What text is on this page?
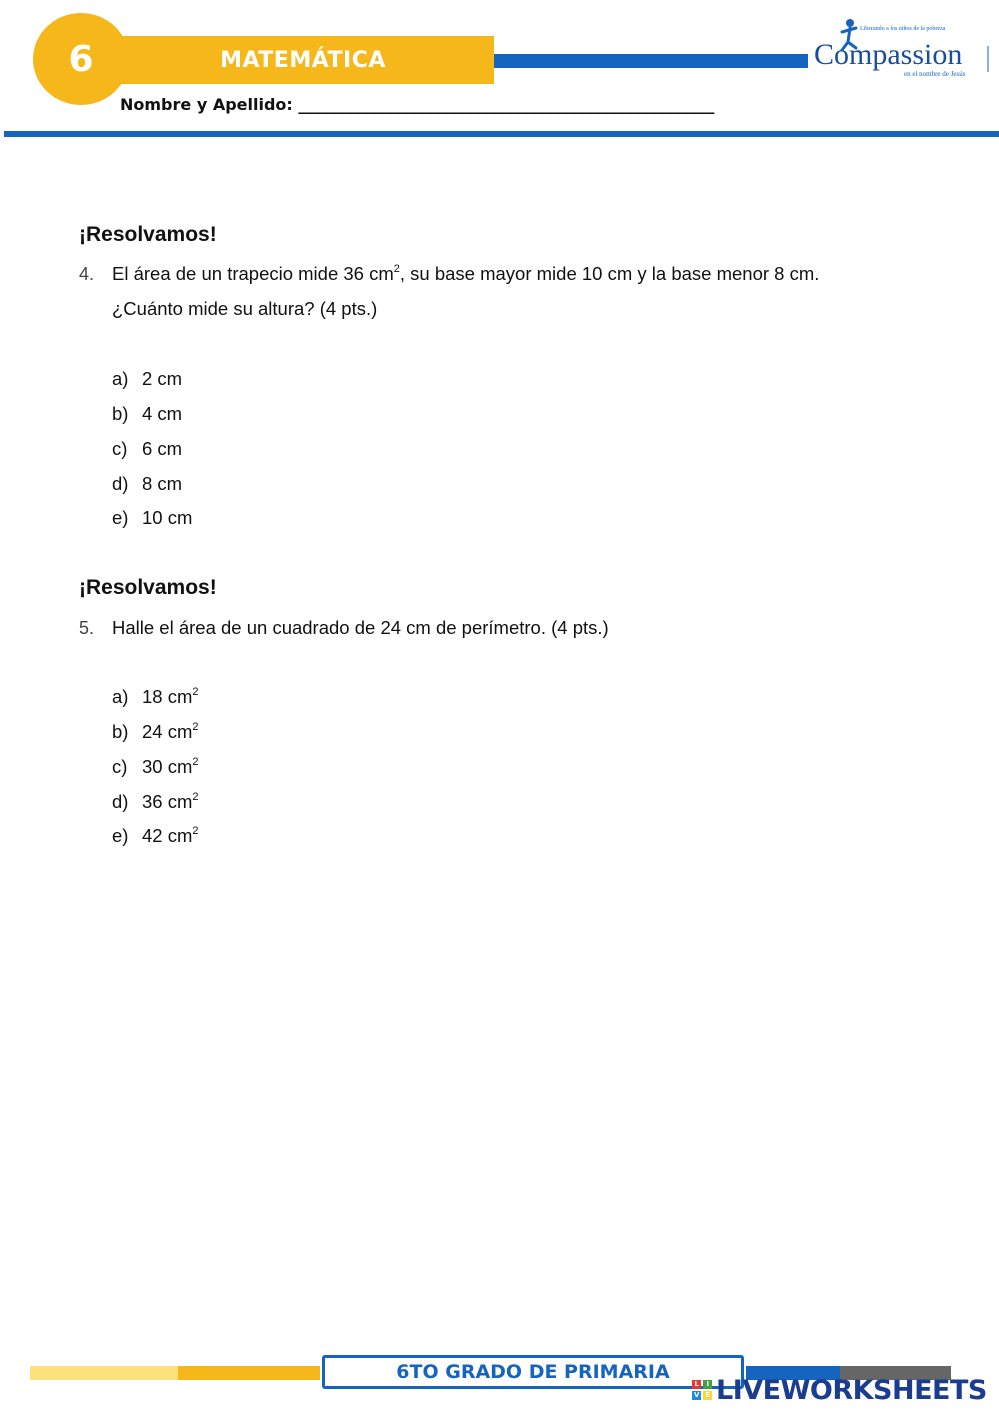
MATEMÁTICA
6
Liberando a los niños de la pobreza
Compassion
en el nombre de Jesús
Nombre y Apellido: ____________________________________________________
¡Resolvamos!
4. El área de un trapecio mide 36 $cm^2$, su base mayor mide 10 cm y la base menor 8 cm.
¿Cuánto mide su altura? (4 pts.)
a) 2 cm
b) 4 cm
c) 6 cm
d) 8 cm
e) 10 cm
¡Resolvamos!
5. Halle el área de un cuadrado de 24 cm de perímetro. (4 pts.)
a) 18 $cm^2$
b) 24 $cm^2$
c) 30 $cm^2$
d) 36 $cm^2$
e) 42 $cm^2$
6TO GRADO DE PRIMARIA
L	I
V E LIVEWORKSHEETS
